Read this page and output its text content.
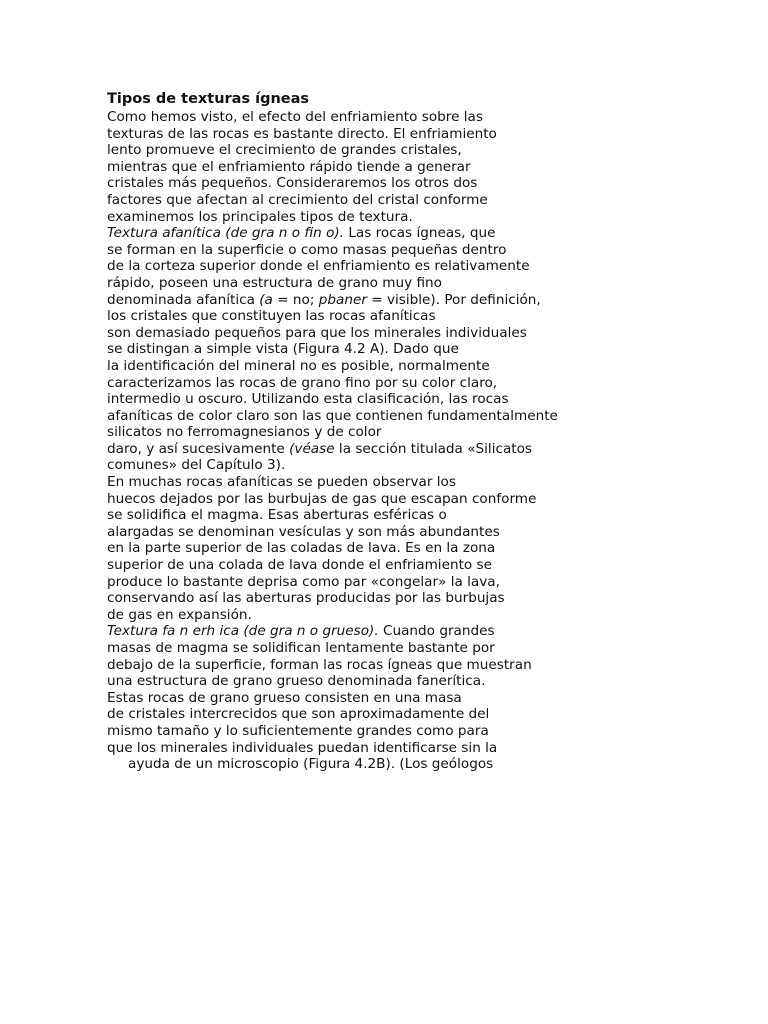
Tipos de texturas ígneas
Como hemos visto, el efecto del enfriamiento sobre las
texturas de las rocas es bastante directo. El enfriamiento
lento promueve el crecimiento de grandes cristales,
mientras que el enfriamiento rápido tiende a generar
cristales más pequeños. Consideraremos los otros dos
factores que afectan al crecimiento del cristal conforme
examinemos los principales tipos de textura.
Textura afanítica (de gra n o fin o). Las rocas ígneas, que
se forman en la superficie o como masas pequeñas dentro
de la corteza superior donde el enfriamiento es relativamente
rápido, poseen una estructura de grano muy fino
denominada afanítica (a = no; pbaner = visible). Por definición,
los cristales que constituyen las rocas afaníticas
son demasiado pequeños para que los minerales individuales
se distingan a simple vista (Figura 4.2 A). Dado que
la identificación del mineral no es posible, normalmente
caracterizamos las rocas de grano fino por su color claro,
intermedio u oscuro. Utilizando esta clasificación, las rocas
afaníticas de color claro son las que contienen fundamentalmente
silicatos no ferromagnesianos y de color
daro, y así sucesivamente (véase la sección titulada «Silicatos
comunes» del Capítulo 3).
En muchas rocas afaníticas se pueden observar los
huecos dejados por las burbujas de gas que escapan conforme
se solidifica el magma. Esas aberturas esféricas o
alargadas se denominan vesículas y son más abundantes
en la parte superior de las coladas de lava. Es en la zona
superior de una colada de lava donde el enfriamiento se
produce lo bastante deprisa como par «congelar» la lava,
conservando así las aberturas producidas por las burbujas
de gas en expansión.
Textura fa n erh ica (de gra n o grueso). Cuando grandes
masas de magma se solidifican lentamente bastante por
debajo de la superficie, forman las rocas ígneas que muestran
una estructura de grano grueso denominada fanerítica.
Estas rocas de grano grueso consisten en una masa
de cristales intercrecidos que son aproximadamente del
mismo tamaño y lo suficientemente grandes como para
que los minerales individuales puedan identificarse sin la
ayuda de un microscopio (Figura 4.2B). (Los geólogos
